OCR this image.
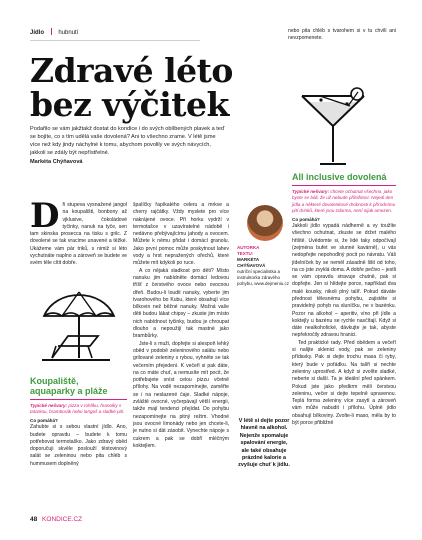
Jídlo hubnutí
Zdravé léto
bez výčitek

Podařilo se vám jakžtakž dostat do kondice i do svých oblíbených plavek a teď se bojíte, co s tím udělá vaše dovolená? Ani to všechno zrame. V létě jsme více než kdy jindy náchylné k tomu, abychom povolily ve svých návycích, jakkoli se zdály být nepřístřelné.

Markéta Chýňavová

nebo pita chléb s tvarohem si v tu chvíli ani nevzpomenete.
AUTORKA
TEXTU:
MARKÉTA
CHÝŇAVOVÁ
nutriční specialistka a instruktorka zdravého pohybu, www.dejmeniu.cz
D ři stupeva vysnažené jangol na koupališti, bonbony až vjklusive, čokoládové tyčinky, nanuk na tyče, sen tam skinska prosecca na tisku s grilc. Z dovolené se tak vracíme unavené a těžké. Ukážeme vám pár triků, s nimiž si léto vychutnáte naplno a zároveň se budete ve svém těle cítit dobře.

Koupaliště,
aquaparky a pláže

Typické nešvary: pizza v rohlíku, hranolky s tatarkou, bramborák nebo langoš a sladké pití.

Co pomáhá?

Zahubte si s sebou vlastní jídlo. Ano, budete opravdu – budete k tomu potřebovat termotaško. Jako zdravý oběd doporučuji skvěle poslouží těstovinový salát se zeleninou nebo pita chléb s hummusem doplněný

špalíčky řapíkatého celeru a mrkve a cherry rajčátky. Vždy myslete pro více nakrájené ovoce. Při horku vydrží v termotašce v uzavíratelné nádobě i nedávno přebývajícímu jahody a ovocem. Můžete k němu přidat i domácí granolu. Jako první pomoc může poskytnout lahev vody a hrst nepražených ořechů, které můžete mít kdykoli po ruce.

A co nějaká sladkost pro děti? Místo nanuku jim nabídněte domácí ledovou tříšť z čerstvého ovoce nebo ovocnou dřeň. Budou-li loudit nanuky, vyberte jim tvarohového bo Kubu, které obsahují více bílkovin než běžné nanuky. Možná vaše děti budou lákat chipsy – zkuste jim místo nich nabídnout tyčinky, budou je chroupat dlouho a nepoužijí tak mastné jako brambůrky.

Jste-li s muži, dopřejte si alespoň lehký oběd v podobě zeleninového salátu nebo grilované zeleniny s rybou, vyhněte se tak večerním přejedení. K večeři si pak dáte, na co máte chuť, a nemusíte mít pocit, že potřebujete sníst celou pizzu včetně přílohy. Na vodě nezapomínejte, zaměřte se i na neslazené čaje. Sladké nápoje, zvláště ovocné, vyčerpávají větší energii, takže mají tendenci přejídat. Do pohybu nezapomínejte na pitný režim. Vhodné jsou ovocné limonády nebo jen chcete-li, je nutno si dát zásobit. Vynechte nápoje s cukrem a pak se dobří mléčným koktejlem.

V létě si dejte pozor hlavně na alkohol. Nejenže spomaluje spalování energie, ale také obsahuje prázdné kalorie a zvyšuje chuť k jídlu.
All inclusive dovolená

Typické nešvary: chcete ochutnat všechno, jako byste se báli, že už nebude příležitost. Nejedi den jídla a některé dovolenkové drobnosti k přírodnímu pití drinků, které jsou zdarma, není nijak omezen.

Co pomáhá?

Jakkoli jídlo vypadá nádherně a vy toužíte všechno ochutnat, zkuste se držet malého hřiště. Uvědomte si, že lidé taky odpočívají (zejména bufet ve slunné kavárně), u vás nedopřejte nepohodlný pocit po návratu. Váš jídelníček by se neměl zásadně lišit od toho, na co jste zvyklá doma. A dobře pečivo – jestli se vám opravdu stravuje chutně, pak si dopřejte. Jen si hlídejte porce, například dva malé kousky, nikoli plný talíř. Pokud dáváte přednost tělesnému pohybu, zajistěte si pravidelný pohyb na sluníčku, ne v bazénku. Pozor na alkohol – aperitiv, víno při jídle a koktejly u bazénu se rychle nasčítají. Když si dáte nealkoholické, dávkujte je tak, abyste nepřekročily zdravou hranici.

Ted praktické rady. Před obědem a večeří si nalijte sklenici vody, pak se zeleniny přídavky. Pak si dejte trochu masa či ryby, který bude v pořádku. Na talíři si nechte zeleniny uprostřed. A když si zvolíte sladké, neberte si další. Ta je ideální před spánkem. Pokud jste jako předkrm měli čerstvou zeleninu, večer si dejte tepelně upravenou. Teplá forma zeleniny více zasytí a zároveň vám může nabudit i přílohu. Úplně jídlo obsahují bílkoviny. Zvolte-li maso, měla by to být porce přibližně

48 KONDICE.CZ
